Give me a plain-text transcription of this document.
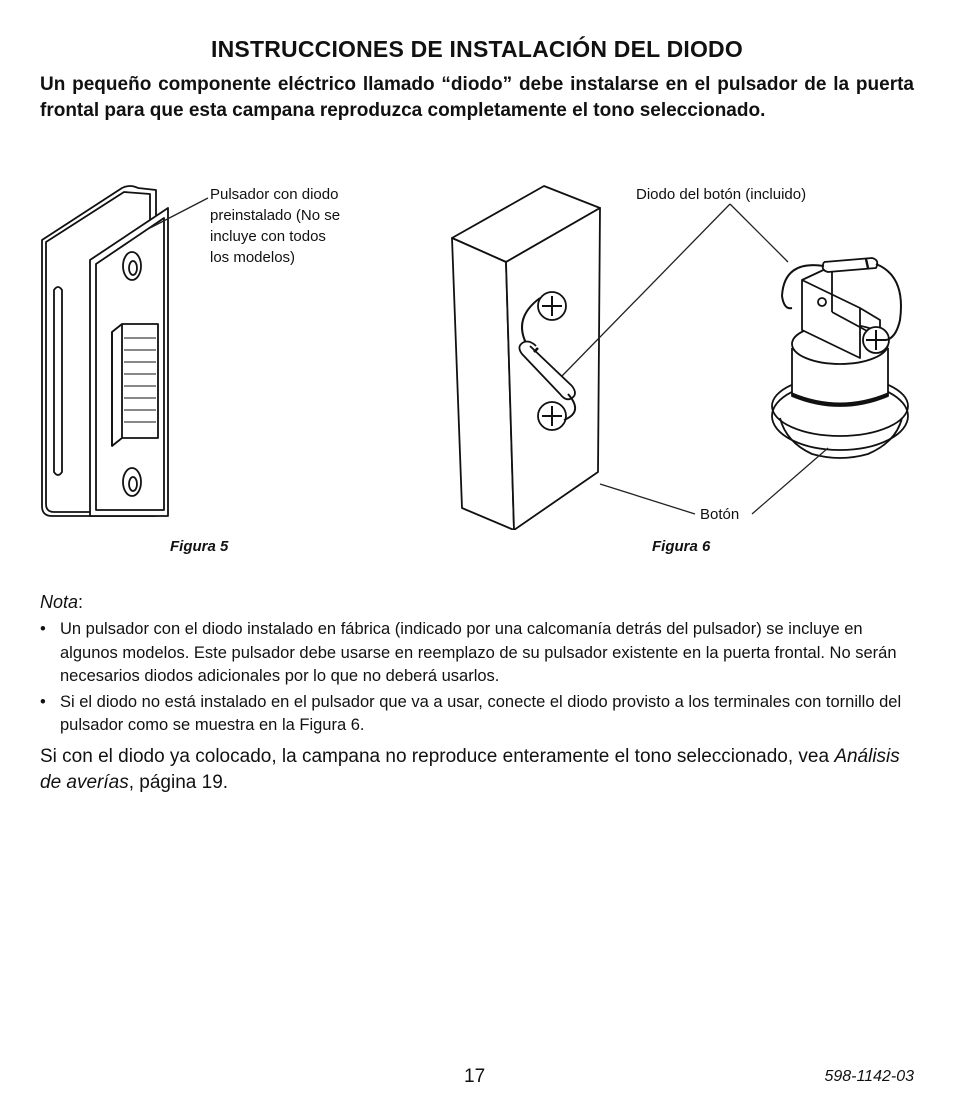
INSTRUCCIONES DE INSTALACIÓN DEL DIODO
Un pequeño componente eléctrico llamado “diodo” debe instalarse en el pulsador de la puerta frontal para que esta campana reproduzca completamente el tono seleccionado.
Pulsador con diodo
preinstalado (No se
incluye con todos
los modelos)
Figura 5
Diodo del botón (incluido)
Botón
Figura 6
Nota:
• Un pulsador con el diodo instalado en fábrica (indicado por una calcomanía detrás del pulsador) se incluye en algunos modelos. Este pulsador debe usarse en reemplazo de su pulsador existente en la puerta frontal. No serán necesarios diodos adicionales por lo que no deberá usarlos.
• Si el diodo no está instalado en el pulsador que va a usar, conecte el diodo provisto a los terminales con tornillo del pulsador como se muestra en la Figura 6.
Si con el diodo ya colocado, la campana no reproduce enteramente el tono seleccionado, vea Análisis de averías, página 19.
17	598-1142-03
